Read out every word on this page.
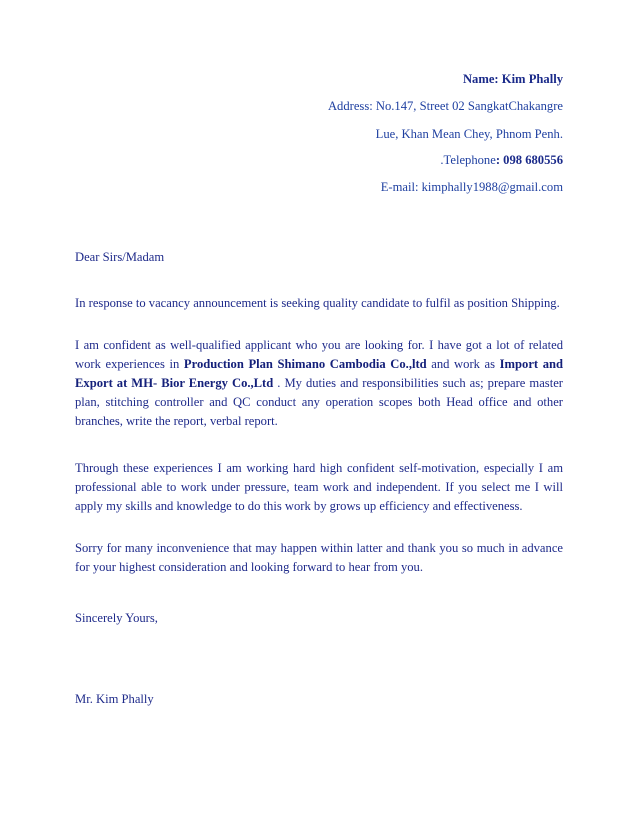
Name: Kim Phally
Address: No.147, Street 02 SangkatChakangre
Lue, Khan Mean Chey, Phnom Penh.
.Telephone: 098 680556
E-mail: kimphally1988@gmail.com

Dear Sirs/Madam

In response to vacancy announcement is seeking quality candidate to fulfil as position Shipping.

I am confident as well-qualified applicant who you are looking for. I have got a lot of related work experiences in Production Plan Shimano Cambodia Co.,ltd and work as Import and Export at MH- Bior Energy Co.,Ltd . My duties and responsibilities such as; prepare master plan, stitching controller and QC conduct any operation scopes both Head office and other branches, write the report, verbal report.

Through these experiences I am working hard high confident self-motivation, especially I am professional able to work under pressure, team work and independent. If you select me I will apply my skills and knowledge to do this work by grows up efficiency and effectiveness.

Sorry for many inconvenience that may happen within latter and thank you so much in advance for your highest consideration and looking forward to hear from you.

Sincerely Yours,

Mr. Kim Phally
